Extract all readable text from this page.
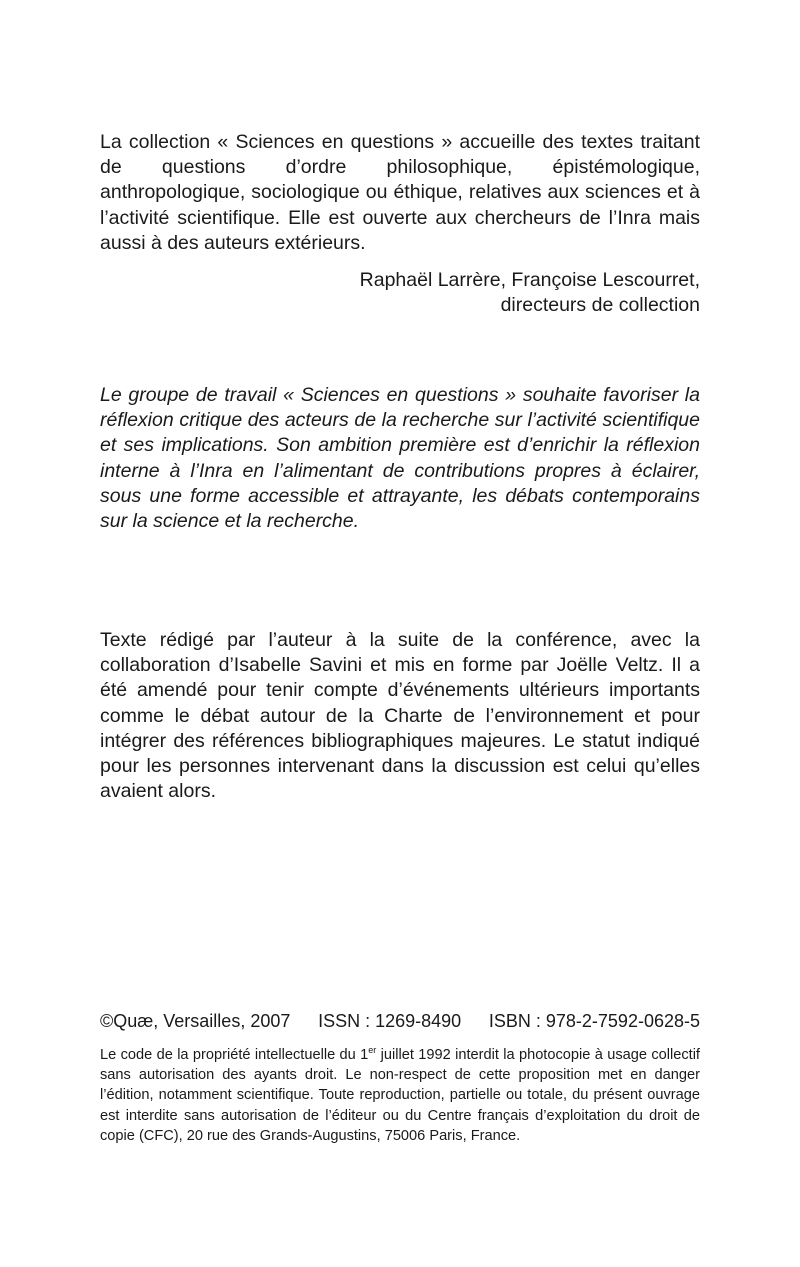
La collection « Sciences en questions » accueille des textes traitant de questions d’ordre philosophique, épistémologique, anthropologique, sociologique ou éthique, relatives aux sciences et à l’activité scientifique. Elle est ouverte aux chercheurs de l’Inra mais aussi à des auteurs extérieurs.

Raphaël Larrère, Françoise Lescourret,
directeurs de collection

Le groupe de travail « Sciences en questions » souhaite favoriser la réflexion critique des acteurs de la recherche sur l’activité scientifique et ses implications. Son ambition première est d’enrichir la réflexion interne à l’Inra en l’alimentant de contributions propres à éclairer, sous une forme accessible et attrayante, les débats contemporains sur la science et la recherche.

Texte rédigé par l’auteur à la suite de la conférence, avec la collaboration d’Isabelle Savini et mis en forme par Joëlle Veltz. Il a été amendé pour tenir compte d’événements ultérieurs importants comme le débat autour de la Charte de l’environnement et pour intégrer des références bibliographiques majeures. Le statut indiqué pour les personnes intervenant dans la discussion est celui qu’elles avaient alors.

©Quæ, Versailles, 2007 ISSN : 1269-8490 ISBN : 978-2-7592-0628-5

Le code de la propriété intellectuelle du 1er juillet 1992 interdit la photocopie à usage collectif sans autorisation des ayants droit. Le non-respect de cette proposition met en danger l’édition, notamment scientifique. Toute reproduction, partielle ou totale, du présent ouvrage est interdite sans autorisation de l’éditeur ou du Centre français d’exploitation du droit de copie (CFC), 20 rue des Grands-Augustins, 75006 Paris, France.
